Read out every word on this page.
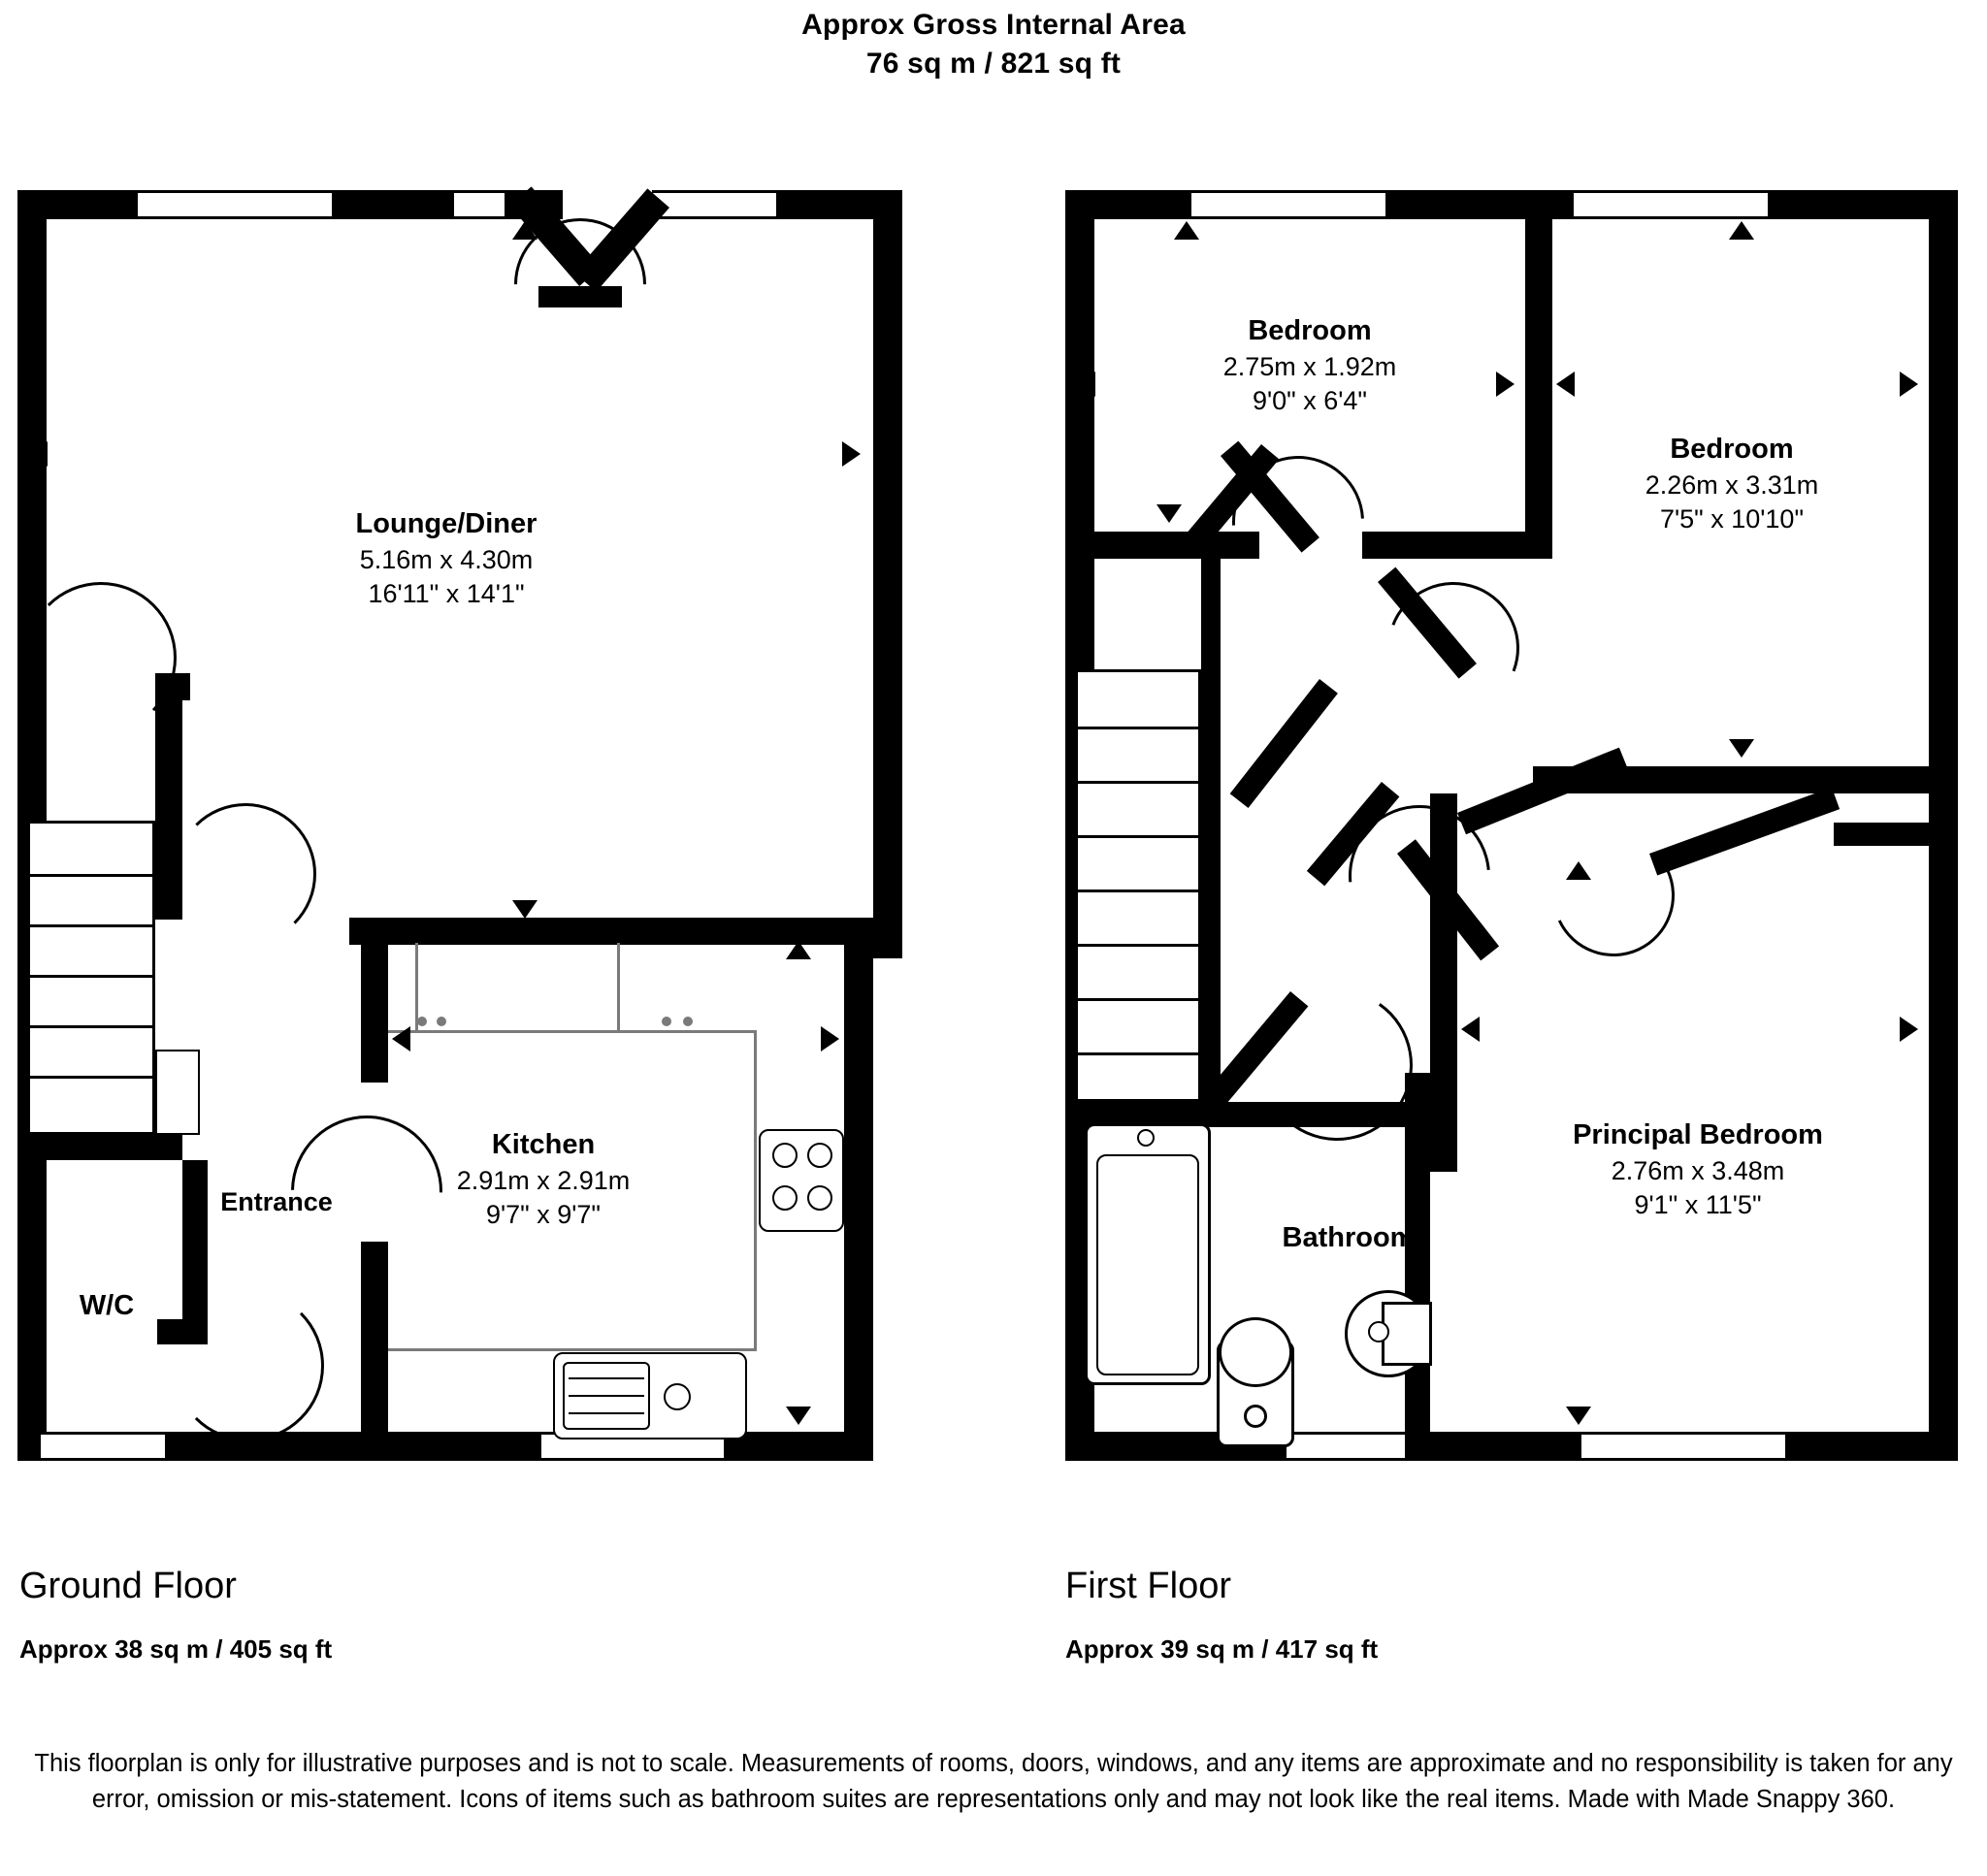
Approx Gross Internal Area
76 sq m / 821 sq ft
Lounge/Diner
5.16m x 4.30m
16'11" x 14'1"
Kitchen
2.91m x 2.91m
9'7" x 9'7"
Entrance
W/C
Bedroom
2.75m x 1.92m
9'0" x 6'4"
Bedroom
2.26m x 3.31m
7'5" x 10'10"
Principal Bedroom
2.76m x 3.48m
9'1" x 11'5"
Bathroom
Ground Floor
Approx 38 sq m / 405 sq ft
First Floor
Approx 39 sq m / 417 sq ft
This floorplan is only for illustrative purposes and is not to scale. Measurements of rooms, doors, windows, and any items are approximate and no responsibility is taken for any error, omission or mis-statement. Icons of items such as bathroom suites are representations only and may not look like the real items. Made with Made Snappy 360.
